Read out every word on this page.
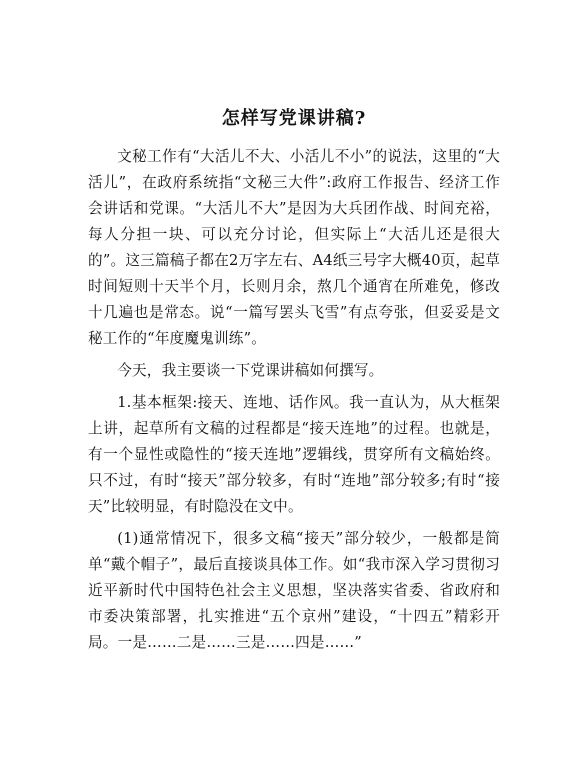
怎样写党课讲稿?

文秘工作有“大活儿不大、小活儿不小”的说法，这里的“大活儿”，在政府系统指“文秘三大件”:政府工作报告、经济工作会讲话和党课。“大活儿不大”是因为大兵团作战、时间充裕，每人分担一块、可以充分讨论，但实际上“大活儿还是很大的”。这三篇稿子都在2万字左右、A4纸三号字大概40页，起草时间短则十天半个月，长则月余，熬几个通宵在所难免，修改十几遍也是常态。说“一篇写罢头飞雪”有点夸张，但妥妥是文秘工作的“年度魔鬼训练”。

今天，我主要谈一下党课讲稿如何撰写。

1.基本框架:接天、连地、话作风。我一直认为，从大框架上讲，起草所有文稿的过程都是“接天连地”的过程。也就是，有一个显性或隐性的“接天连地”逻辑线，贯穿所有文稿始终。只不过，有时“接天”部分较多，有时“连地”部分较多;有时“接天”比较明显，有时隐没在文中。

(1)通常情况下，很多文稿“接天”部分较少，一般都是简单“戴个帽子”，最后直接谈具体工作。如“我市深入学习贯彻习近平新时代中国特色社会主义思想，坚决落实省委、省政府和市委决策部署，扎实推进“五个京州”建设，“十四五”精彩开局。一是……二是……三是……四是……”
